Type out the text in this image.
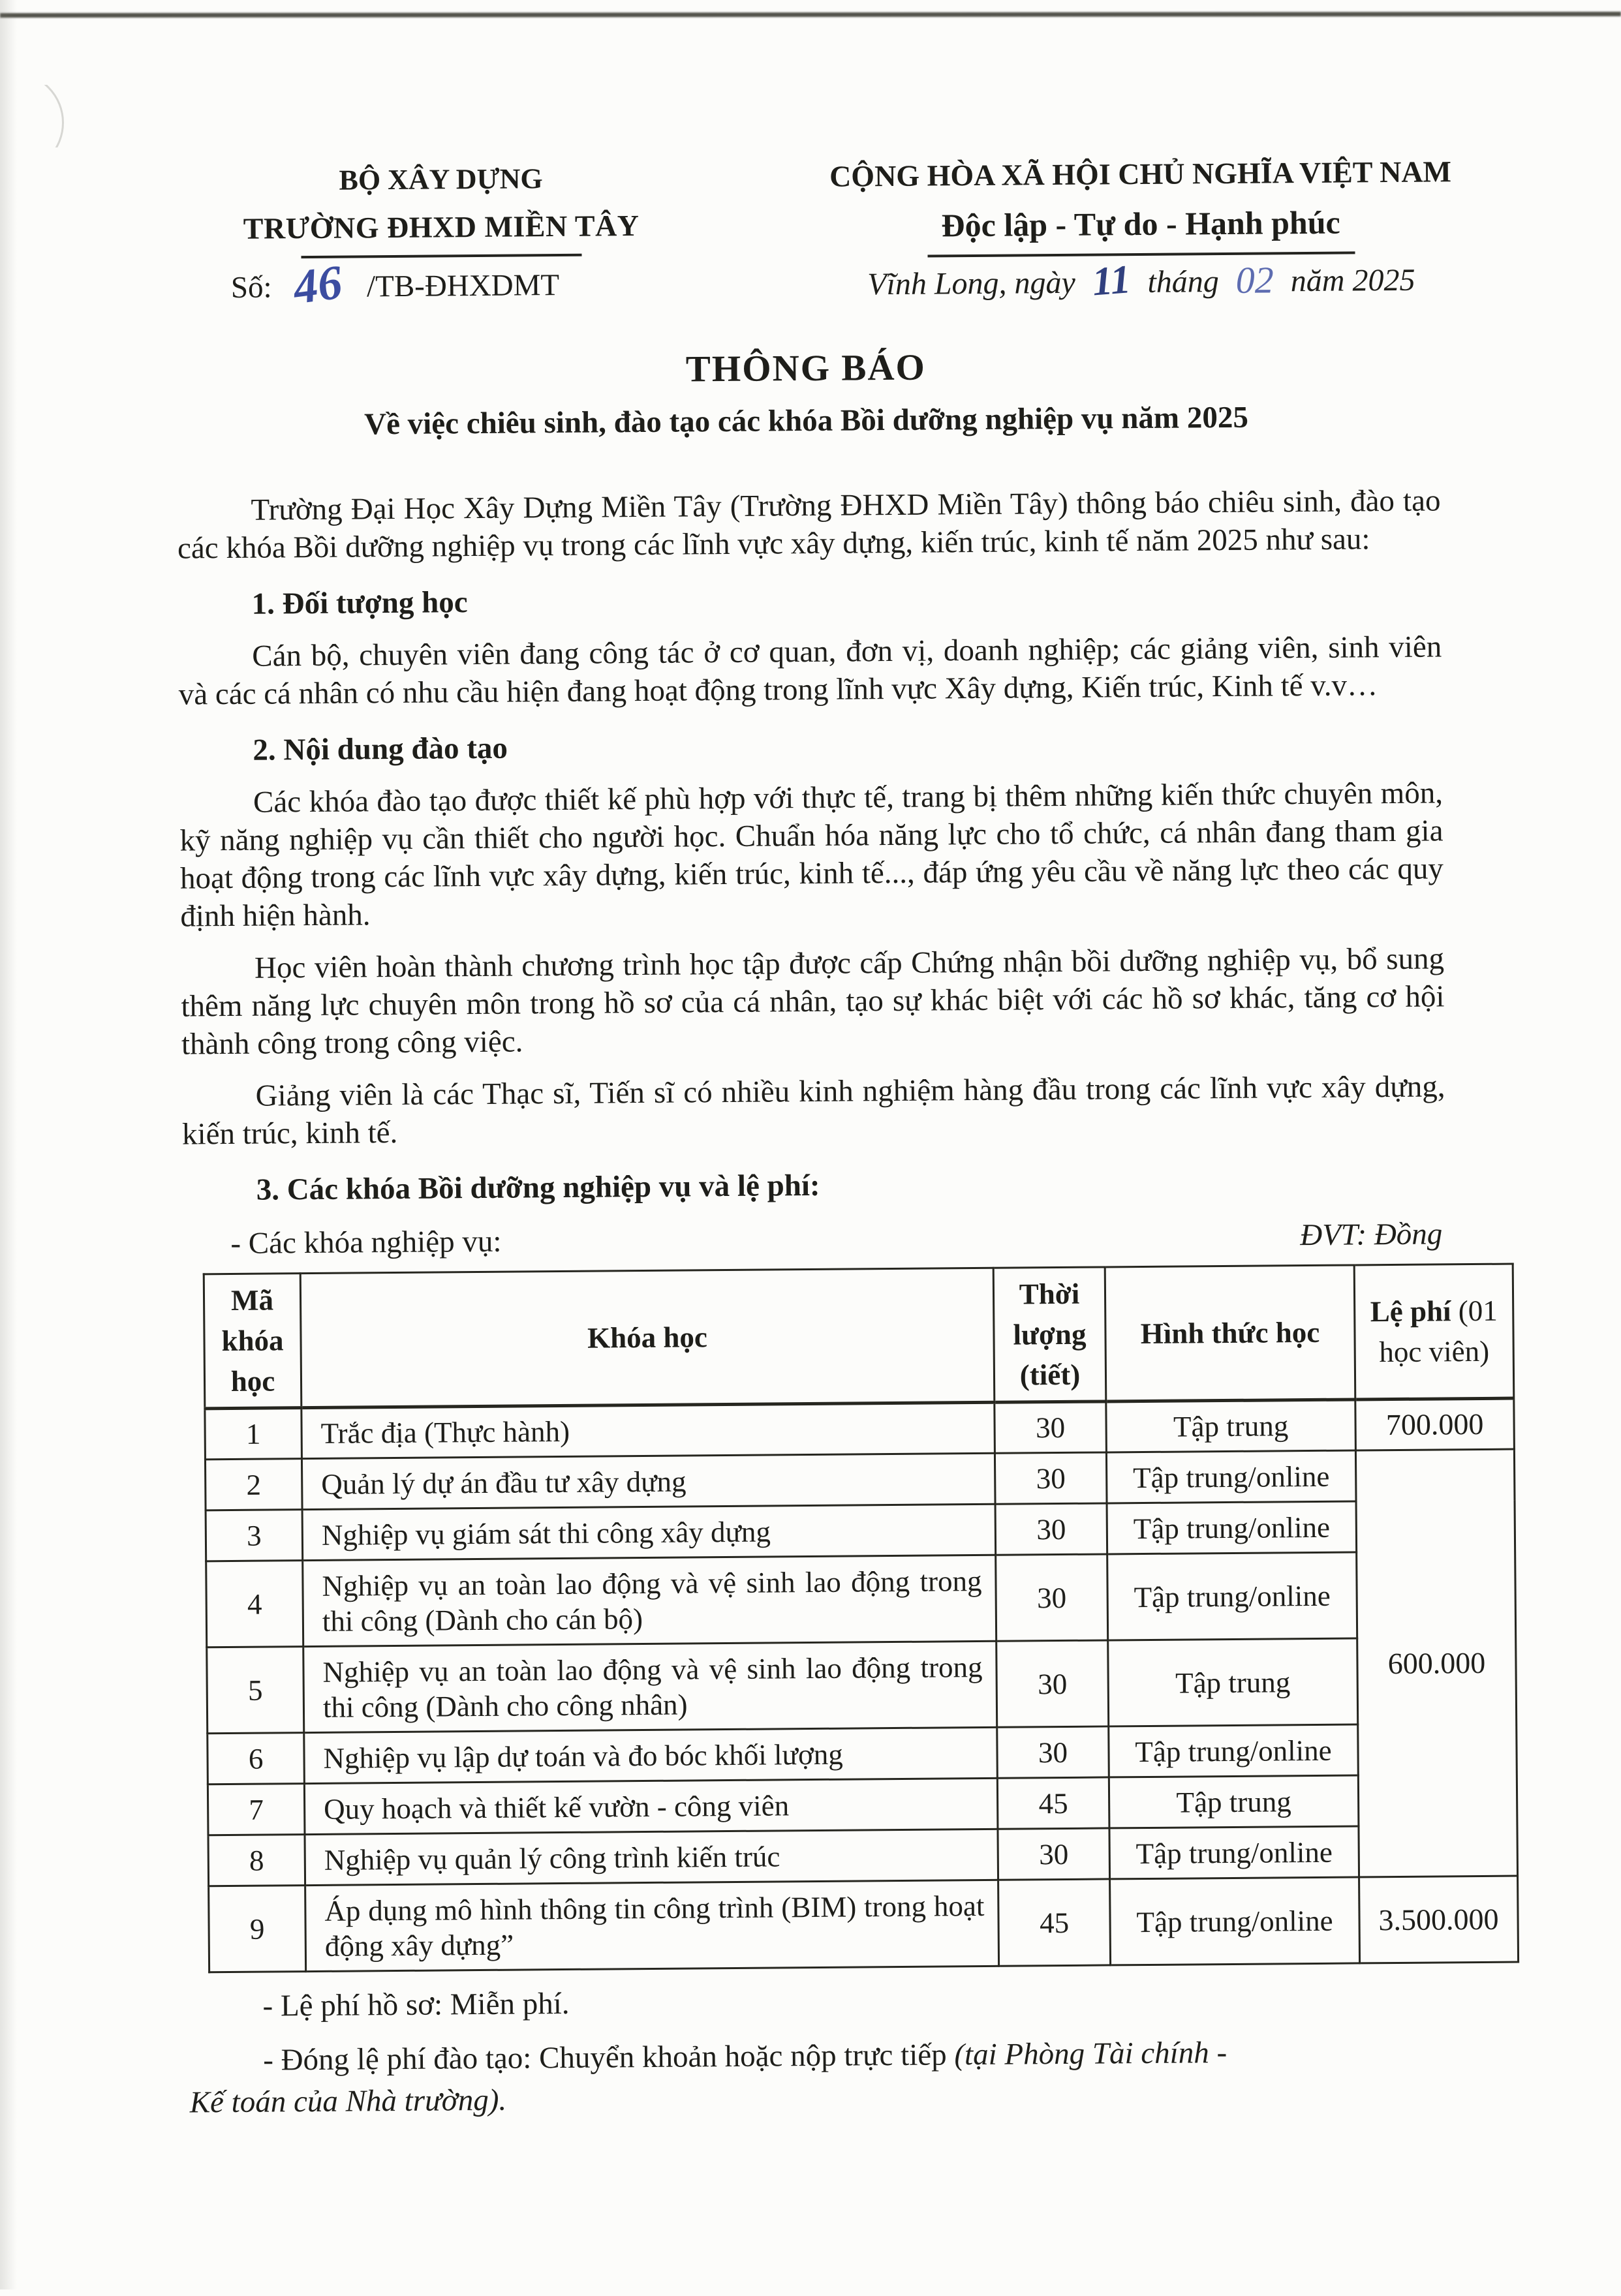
BỘ XÂY DỰNG
TRƯỜNG ĐHXD MIỀN TÂY
CỘNG HÒA XÃ HỘI CHỦ NGHĨA VIỆT NAM
Độc lập - Tự do - Hạnh phúc
Số: 46 /TB-ĐHXDMT	Vĩnh Long, ngày 11 tháng 02 năm 2025
THÔNG BÁO
Về việc chiêu sinh, đào tạo các khóa Bồi dưỡng nghiệp vụ năm 2025

Trường Đại Học Xây Dựng Miền Tây (Trường ĐHXD Miền Tây) thông báo chiêu sinh, đào tạo các khóa Bồi dưỡng nghiệp vụ trong các lĩnh vực xây dựng, kiến trúc, kinh tế năm 2025 như sau:

1. Đối tượng học

Cán bộ, chuyên viên đang công tác ở cơ quan, đơn vị, doanh nghiệp; các giảng viên, sinh viên và các cá nhân có nhu cầu hiện đang hoạt động trong lĩnh vực Xây dựng, Kiến trúc, Kinh tế v.v…

2. Nội dung đào tạo

Các khóa đào tạo được thiết kế phù hợp với thực tế, trang bị thêm những kiến thức chuyên môn, kỹ năng nghiệp vụ cần thiết cho người học. Chuẩn hóa năng lực cho tổ chức, cá nhân đang tham gia hoạt động trong các lĩnh vực xây dựng, kiến trúc, kinh tế..., đáp ứng yêu cầu về năng lực theo các quy định hiện hành.

Học viên hoàn thành chương trình học tập được cấp Chứng nhận bồi dưỡng nghiệp vụ, bổ sung thêm năng lực chuyên môn trong hồ sơ của cá nhân, tạo sự khác biệt với các hồ sơ khác, tăng cơ hội thành công trong công việc.

Giảng viên là các Thạc sĩ, Tiến sĩ có nhiều kinh nghiệm hàng đầu trong các lĩnh vực xây dựng, kiến trúc, kinh tế.

3. Các khóa Bồi dưỡng nghiệp vụ và lệ phí:
- Các khóa nghiệp vụ:	ĐVT: Đồng
Mã khóa học	Khóa học	Thời lượng (tiết)	Hình thức học	Lệ phí (01 học viên)
1	Trắc địa (Thực hành)	30	Tập trung	700.000
2	Quản lý dự án đầu tư xây dựng	30	Tập trung/online	600.000
3	Nghiệp vụ giám sát thi công xây dựng	30	Tập trung/online	
4	Nghiệp vụ an toàn lao động và vệ sinh lao động trong thi công (Dành cho cán bộ)	30	Tập trung/online	
5	Nghiệp vụ an toàn lao động và vệ sinh lao động trong thi công (Dành cho công nhân)	30	Tập trung	
6	Nghiệp vụ lập dự toán và đo bóc khối lượng	30	Tập trung/online	
7	Quy hoạch và thiết kế vườn - công viên	45	Tập trung	
8	Nghiệp vụ quản lý công trình kiến trúc	30	Tập trung/online	
9	Áp dụng mô hình thông tin công trình (BIM) trong hoạt động xây dựng”	45	Tập trung/online	3.500.000

- Lệ phí hồ sơ: Miễn phí.

- Đóng lệ phí đào tạo: Chuyển khoản hoặc nộp trực tiếp (tại Phòng Tài chính -
Kế toán của Nhà trường).
